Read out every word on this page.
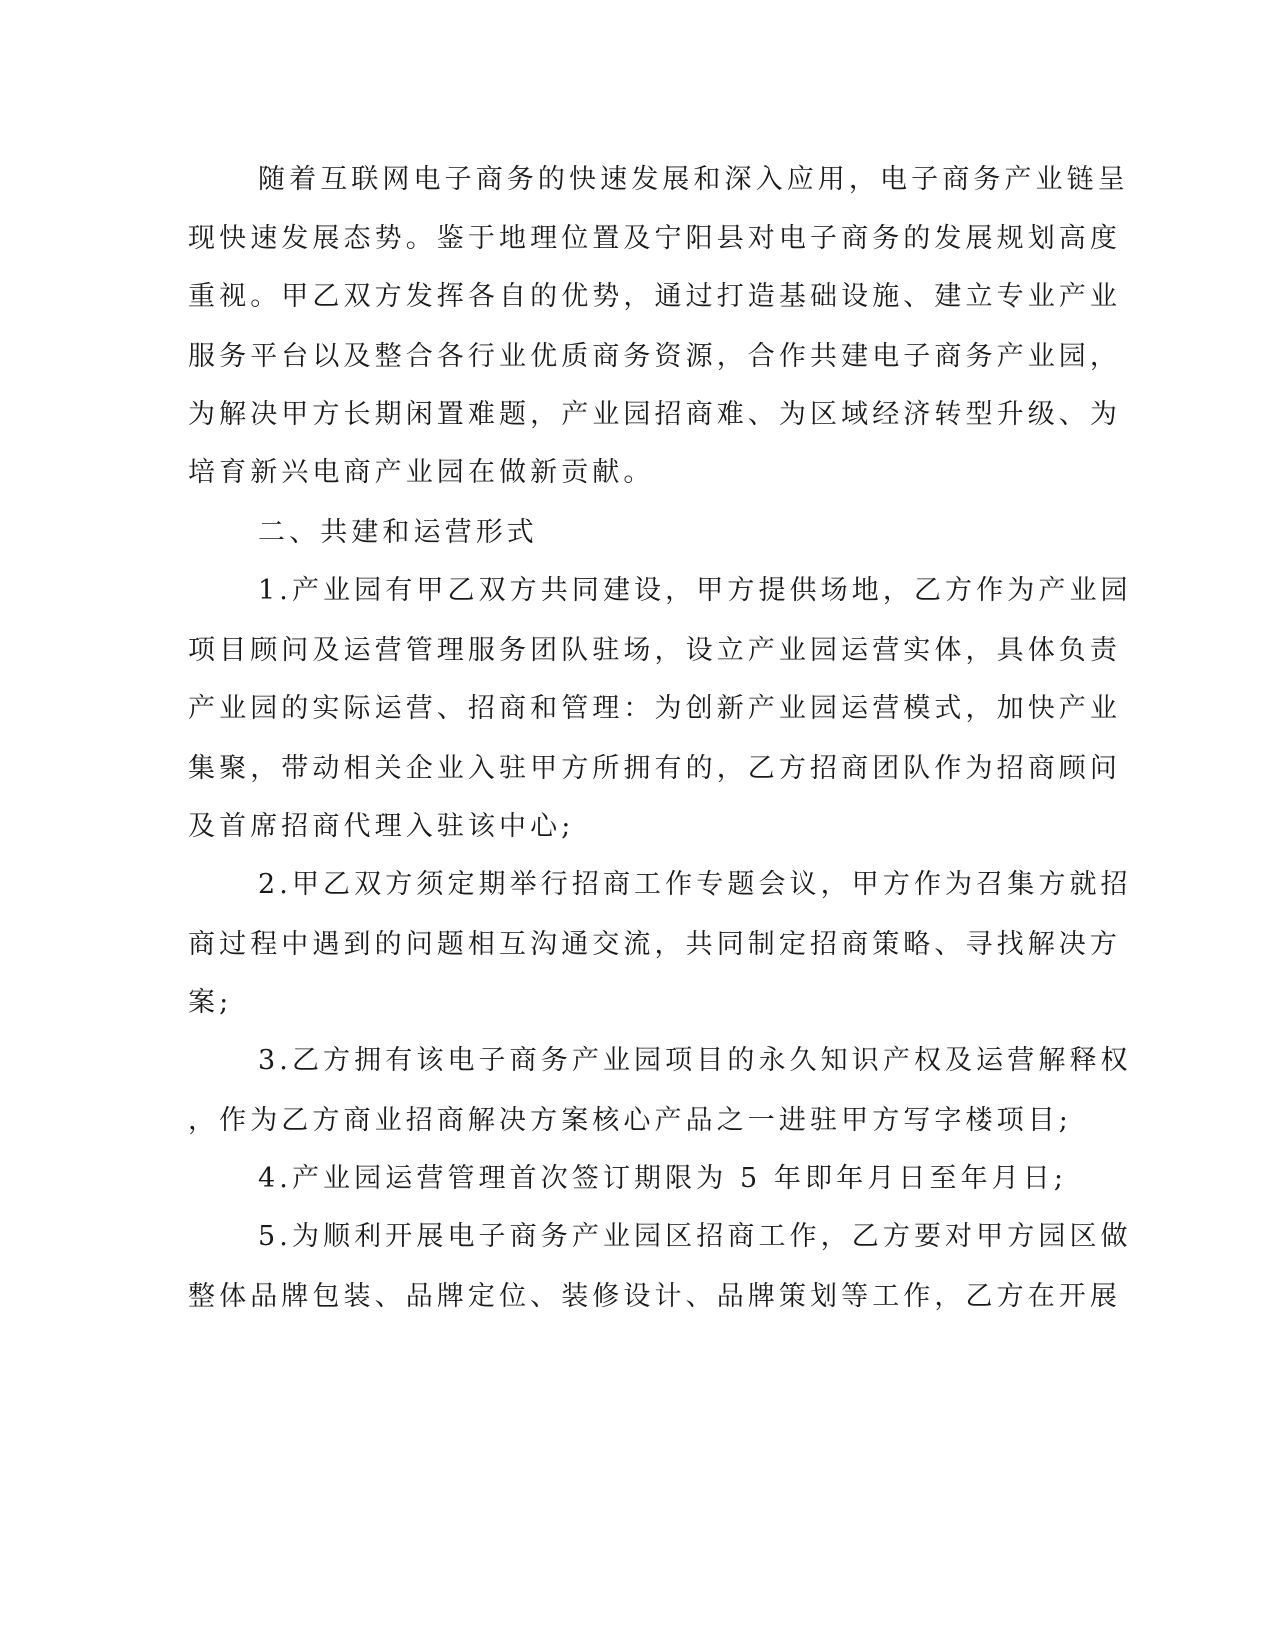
随着互联网电子商务的快速发展和深入应用，电子商务产业链呈
现快速发展态势。鉴于地理位置及宁阳县对电子商务的发展规划高度
重视。甲乙双方发挥各自的优势，通过打造基础设施、建立专业产业
服务平台以及整合各行业优质商务资源，合作共建电子商务产业园，
为解决甲方长期闲置难题，产业园招商难、为区域经济转型升级、为
培育新兴电商产业园在做新贡献。
二、共建和运营形式
1.产业园有甲乙双方共同建设，甲方提供场地，乙方作为产业园
项目顾问及运营管理服务团队驻场，设立产业园运营实体，具体负责
产业园的实际运营、招商和管理：为创新产业园运营模式，加快产业
集聚，带动相关企业入驻甲方所拥有的，乙方招商团队作为招商顾问
及首席招商代理入驻该中心;
2.甲乙双方须定期举行招商工作专题会议，甲方作为召集方就招
商过程中遇到的问题相互沟通交流，共同制定招商策略、寻找解决方
案;
3.乙方拥有该电子商务产业园项目的永久知识产权及运营解释权
，作为乙方商业招商解决方案核心产品之一进驻甲方写字楼项目;
4.产业园运营管理首次签订期限为 5 年即年月日至年月日;
5.为顺利开展电子商务产业园区招商工作，乙方要对甲方园区做
整体品牌包装、品牌定位、装修设计、品牌策划等工作，乙方在开展
